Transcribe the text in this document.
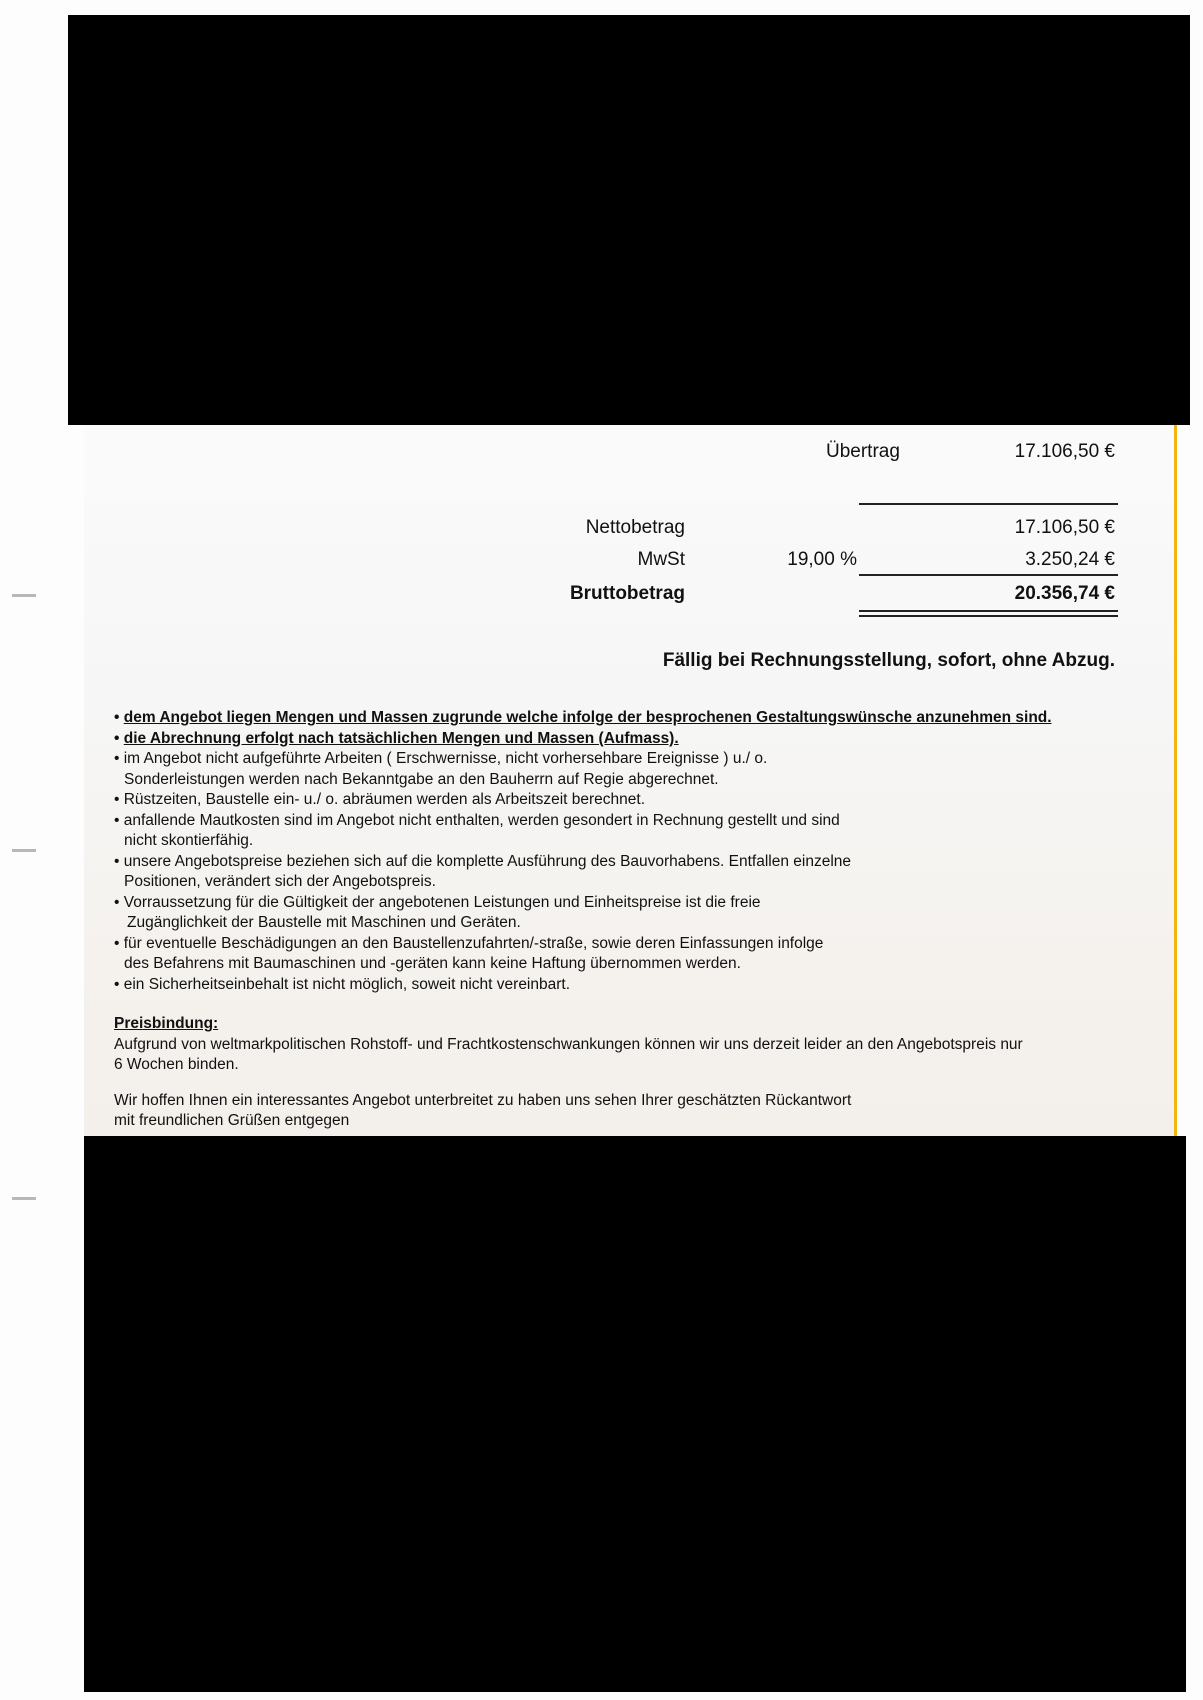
Übertrag	17.106,50 €
Nettobetrag	17.106,50 €
MwSt	19,00 %	3.250,24 €
Bruttobetrag	20.356,74 €
Fällig bei Rechnungsstellung, sofort, ohne Abzug.
• dem Angebot liegen Mengen und Massen zugrunde welche infolge der besprochenen Gestaltungswünsche anzunehmen sind.
• die Abrechnung erfolgt nach tatsächlichen Mengen und Massen (Aufmass).
• im Angebot nicht aufgeführte Arbeiten ( Erschwernisse, nicht vorhersehbare Ereignisse ) u./ o.
Sonderleistungen werden nach Bekanntgabe an den Bauherrn auf Regie abgerechnet.
• Rüstzeiten, Baustelle ein- u./ o. abräumen werden als Arbeitszeit berechnet.
• anfallende Mautkosten sind im Angebot nicht enthalten, werden gesondert in Rechnung gestellt und sind
nicht skontierfähig.
• unsere Angebotspreise beziehen sich auf die komplette Ausführung des Bauvorhabens. Entfallen einzelne
Positionen, verändert sich der Angebotspreis.
• Vorraussetzung für die Gültigkeit der angebotenen Leistungen und Einheitspreise ist die freie
Zugänglichkeit der Baustelle mit Maschinen und Geräten.
• für eventuelle Beschädigungen an den Baustellenzufahrten/-straße, sowie deren Einfassungen infolge
des Befahrens mit Baumaschinen und -geräten kann keine Haftung übernommen werden.
• ein Sicherheitseinbehalt ist nicht möglich, soweit nicht vereinbart.
Preisbindung:
Aufgrund von weltmarkpolitischen Rohstoff- und Frachtkostenschwankungen können wir uns derzeit leider an den Angebotspreis nur
6 Wochen binden.
Wir hoffen Ihnen ein interessantes Angebot unterbreitet zu haben uns sehen Ihrer geschätzten Rückantwort
mit freundlichen Grüßen entgegen
